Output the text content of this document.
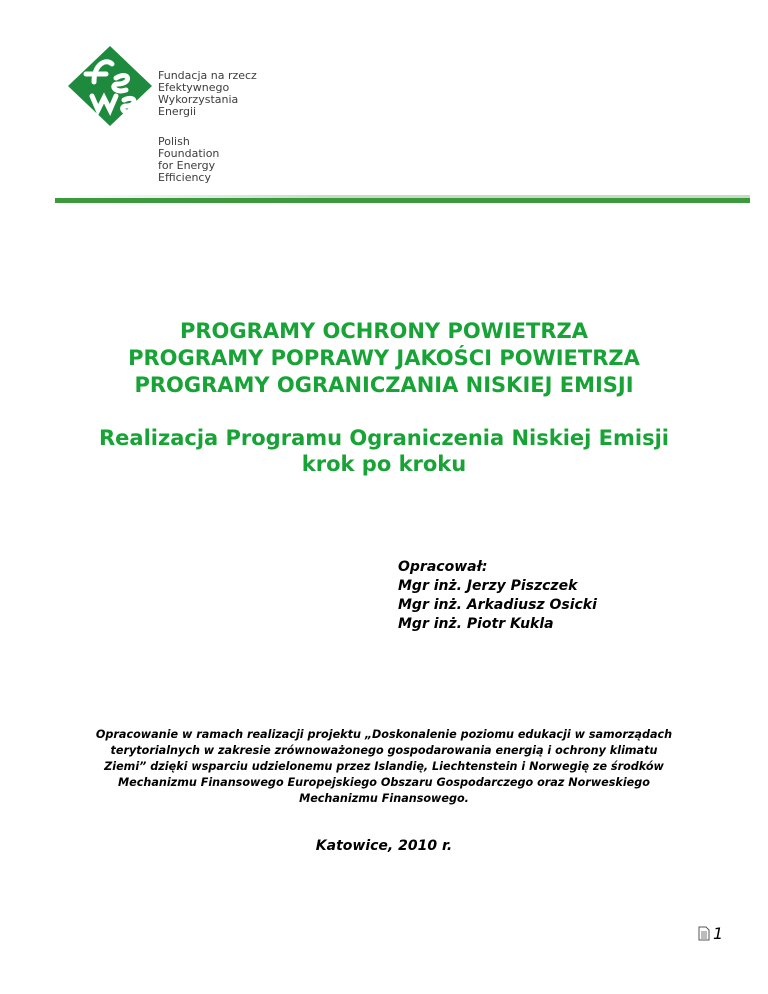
Fundacja na rzecz
Efektywnego
Wykorzystania
Energii
Polish
Foundation
for Energy
Efficiency
PROGRAMY OCHRONY POWIETRZA
PROGRAMY POPRAWY JAKOŚCI POWIETRZA
PROGRAMY OGRANICZANIA NISKIEJ EMISJI
Realizacja Programu Ograniczenia Niskiej Emisji
krok po kroku
Opracował:
Mgr inż. Jerzy Piszczek
Mgr inż. Arkadiusz Osicki
Mgr inż. Piotr Kukla
Opracowanie w ramach realizacji projektu „Doskonalenie poziomu edukacji w samorządach
terytorialnych w zakresie zrównoważonego gospodarowania energią i ochrony klimatu
Ziemi” dzięki wsparciu udzielonemu przez Islandię, Liechtenstein i Norwegię ze środków
Mechanizmu Finansowego Europejskiego Obszaru Gospodarczego oraz Norweskiego
Mechanizmu Finansowego.
Katowice, 2010 r.
1
